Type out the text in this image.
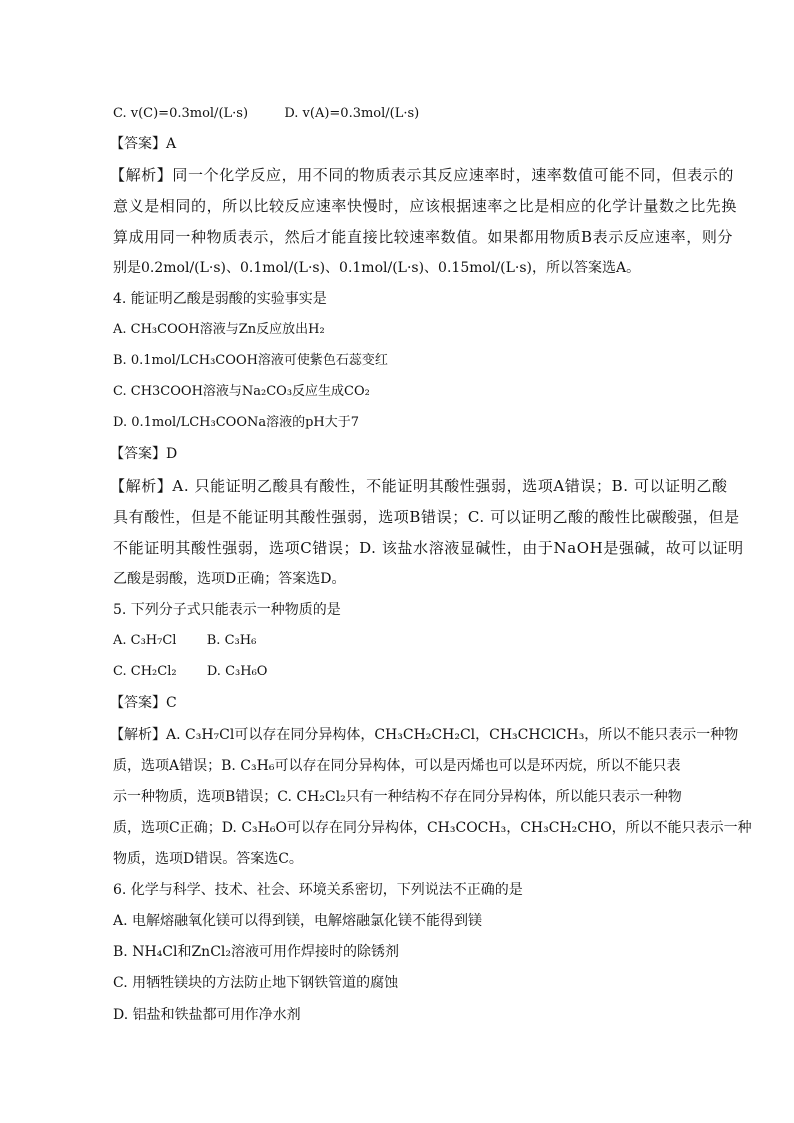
C. v(C)=0.3mol/(L·s)	D. v(A)=0.3mol/(L·s)
【答案】A
【解析】同一个化学反应，用不同的物质表示其反应速率时，速率数值可能不同，但表示的
意义是相同的，所以比较反应速率快慢时，应该根据速率之比是相应的化学计量数之比先换
算成用同一种物质表示，然后才能直接比较速率数值。如果都用物质B表示反应速率，则分
别是0.2mol/(L·s)、0.1mol/(L·s)、0.1mol/(L·s)、0.15mol/(L·s)，所以答案选A。
4. 能证明乙酸是弱酸的实验事实是
A. CH₃COOH溶液与Zn反应放出H₂
B. 0.1mol/LCH₃COOH溶液可使紫色石蕊变红
C. CH3COOH溶液与Na₂CO₃反应生成CO₂
D. 0.1mol/LCH₃COONa溶液的pH大于7
【答案】D
【解析】A. 只能证明乙酸具有酸性，不能证明其酸性强弱，选项A错误；B. 可以证明乙酸
具有酸性，但是不能证明其酸性强弱，选项B错误；C. 可以证明乙酸的酸性比碳酸强，但是
不能证明其酸性强弱，选项C错误；D. 该盐水溶液显碱性，由于NaOH是强碱，故可以证明
乙酸是弱酸，选项D正确；答案选D。
5. 下列分子式只能表示一种物质的是
A. C₃H₇Cl B. C₃H₆
C. CH₂Cl₂ D. C₃H₆O
【答案】C
【解析】A. C₃H₇Cl可以存在同分异构体，CH₃CH₂CH₂Cl，CH₃CHClCH₃，所以不能只表示一种物
质，选项A错误；B. C₃H₆可以存在同分异构体，可以是丙烯也可以是环丙烷，所以不能只表
示一种物质，选项B错误；C. CH₂Cl₂只有一种结构不存在同分异构体，所以能只表示一种物
质，选项C正确；D. C₃H₆O可以存在同分异构体，CH₃COCH₃，CH₃CH₂CHO，所以不能只表示一种
物质，选项D错误。答案选C。
6. 化学与科学、技术、社会、环境关系密切，下列说法不正确的是
A. 电解熔融氧化镁可以得到镁，电解熔融氯化镁不能得到镁
B. NH₄Cl和ZnCl₂溶液可用作焊接时的除锈剂
C. 用牺牲镁块的方法防止地下钢铁管道的腐蚀
D. 铝盐和铁盐都可用作净水剂
